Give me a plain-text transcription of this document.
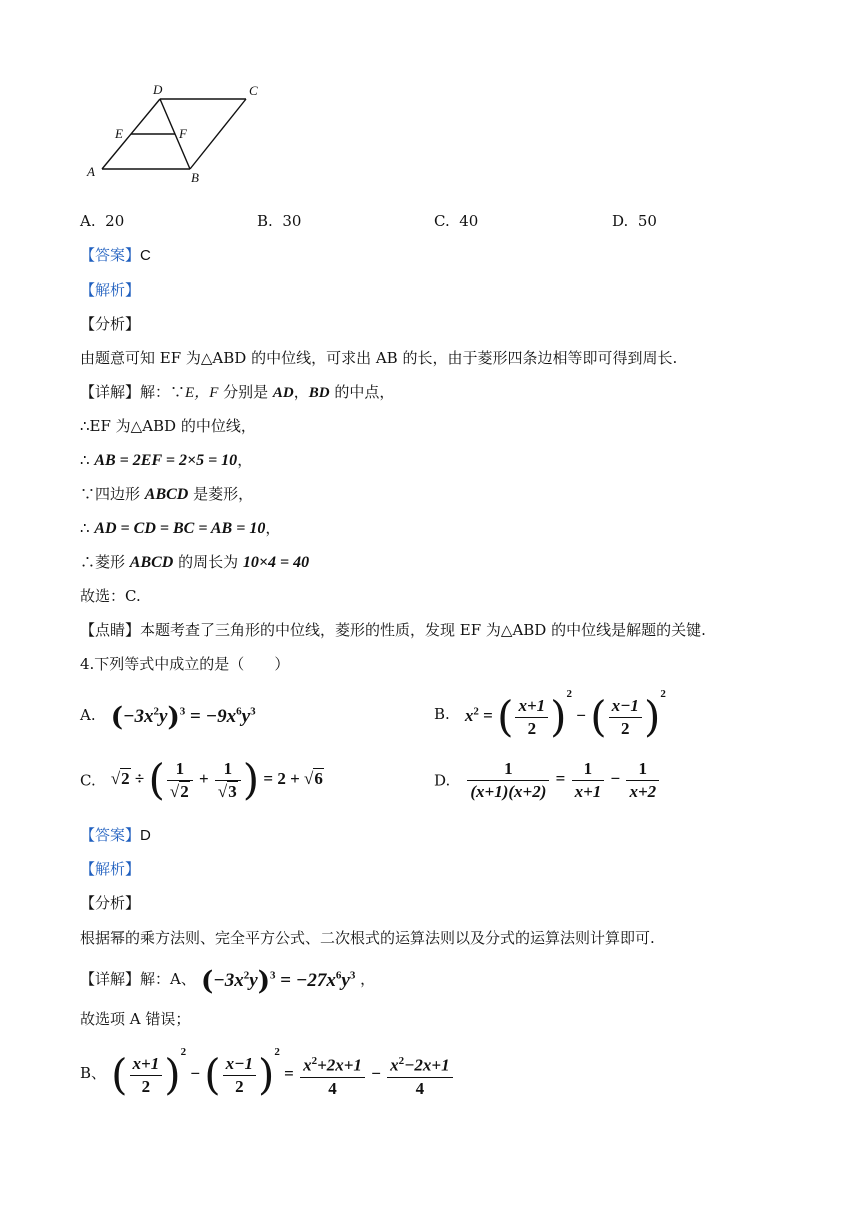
D	C
E	F
A	B
A. 20	B. 30	C. 40	D. 50
【答案】C
【解析】
【分析】
由题意可知 EF 为△ABD 的中位线，可求出 AB 的长，由于菱形四条边相等即可得到周长.
【详解】解：∵E，F 分别是 AD，BD 的中点，
∴EF 为△ABD 的中位线，
∴ AB = 2EF = 2×5 = 10，
∵四边形 ABCD 是菱形，
∴ AD = CD = BC = AB = 10，
∴菱形 ABCD 的周长为 10×4 = 40
故选：C.
【点睛】本题考查了三角形的中位线，菱形的性质，发现 EF 为△ABD 的中位线是解题的关键.
4.下列等式中成立的是（　　）
A. $(-3x^2y)^3 = -9x^6y^3$	B. $x^2$ = ( $\frac{x+1}{2} )^2$ − ( $\frac{x-1}{2} )^2$
C. √2 ÷ ( $\frac{1}{√2} + \frac{1}{√3}$ ) = 2 + √6	D. $\frac{1}{(x+1)(x+2)} = \frac{1}{x+1} - \frac{1}{x+2}$
【答案】D
【解析】
【分析】
根据幂的乘方法则、完全平方公式、二次根式的运算法则以及分式的运算法则计算即可.
【详解】解：A、 $(-3x^2y)^3 = -27x^6y^3$ ，
故选项 A 错误；
B、 ( $\frac{x+1}{2} )^2$ − ( $\frac{x-1}{2} )^2 = \frac{x^2+2x+1}{4} - \frac{x^2-2x+1}{4}$
